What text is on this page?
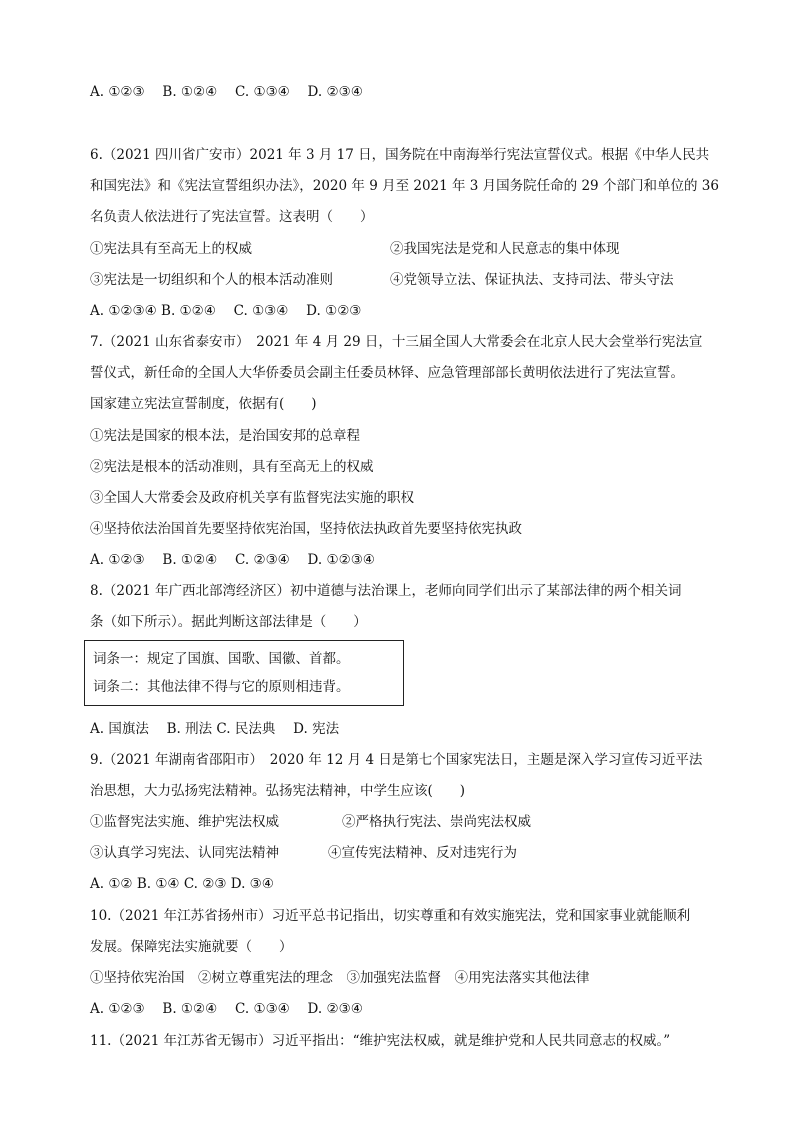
A. ①②③　 B. ①②④　 C. ①③④　 D. ②③④
6.（2021 四川省广安市）2021 年 3 月 17 日，国务院在中南海举行宪法宣誓仪式。根据《中华人民共
和国宪法》和《宪法宣誓组织办法》，2020 年 9 月至 2021 年 3 月国务院任命的 29 个部门和单位的 36
名负责人依法进行了宪法宣誓。这表明（　　）
①宪法具有至高无上的权威	②我国宪法是党和人民意志的集中体现
③宪法是一切组织和个人的根本活动准则	④党领导立法、保证执法、支持司法、带头守法
A. ①②③④ B. ①②④　 C. ①③④　 D. ①②③
7.（2021 山东省泰安市）　2021 年 4 月 29 日，十三届全国人大常委会在北京人民大会堂举行宪法宣
誓仪式，新任命的全国人大华侨委员会副主任委员林铎、应急管理部部长黄明依法进行了宪法宣誓。
国家建立宪法宣誓制度，依据有(　　)
①宪法是国家的根本法，是治国安邦的总章程
②宪法是根本的活动准则，具有至高无上的权威
③全国人大常委会及政府机关享有监督宪法实施的职权
④坚持依法治国首先要坚持依宪治国，坚持依法执政首先要坚持依宪执政
A. ①②③　 B. ①②④　 C. ②③④　 D. ①②③④
8.（2021 年广西北部湾经济区）初中道德与法治课上，老师向同学们出示了某部法律的两个相关词
条（如下所示）。据此判断这部法律是（　　）
词条一：规定了国旗、国歌、国徽、首都。
词条二：其他法律不得与它的原则相违背。
A. 国旗法　 B. 刑法 C. 民法典　 D. 宪法
9.（2021 年湖南省邵阳市）　2020 年 12 月 4 日是第七个国家宪法日，主题是深入学习宣传习近平法
治思想，大力弘扬宪法精神。弘扬宪法精神，中学生应该(　　)
①监督宪法实施、维护宪法权威	②严格执行宪法、崇尚宪法权威
③认真学习宪法、认同宪法精神	④宣传宪法精神、反对违宪行为
A. ①② B. ①④ C. ②③ D. ③④
10.（2021 年江苏省扬州市）习近平总书记指出，切实尊重和有效实施宪法，党和国家事业就能顺利
发展。保障宪法实施就要（　　）
①坚持依宪治国　②树立尊重宪法的理念　③加强宪法监督　④用宪法落实其他法律
A. ①②③　 B. ①②④　 C. ①③④　 D. ②③④
11.（2021 年江苏省无锡市）习近平指出：“维护宪法权威，就是维护党和人民共同意志的权威。”
